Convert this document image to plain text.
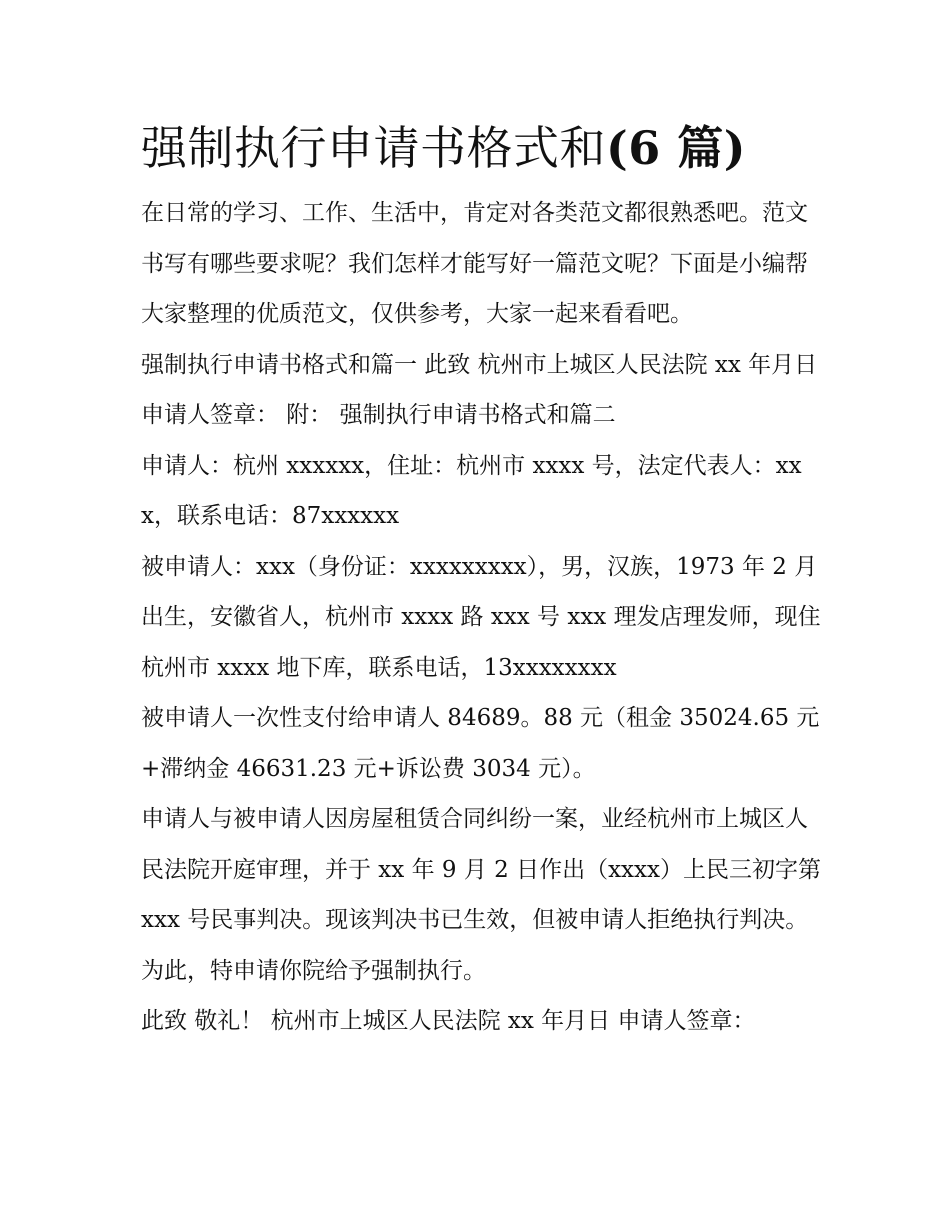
强制执行申请书格式和(6 篇)

在日常的学习、工作、生活中，肯定对各类范文都很熟悉吧。范文书写有哪些要求呢？我们怎样才能写好一篇范文呢？下面是小编帮大家整理的优质范文，仅供参考，大家一起来看看吧。

强制执行申请书格式和篇一 此致 杭州市上城区人民法院 xx 年月日 申请人签章： 附： 强制执行申请书格式和篇二

申请人：杭州 xxxxxx，住址：杭州市 xxxx 号，法定代表人：xxx，联系电话：87xxxxxx

被申请人：xxx（身份证：xxxxxxxxx），男，汉族，1973 年 2 月出生，安徽省人，杭州市 xxxx 路 xxx 号 xxx 理发店理发师，现住杭州市 xxxx 地下库，联系电话，13xxxxxxxx

被申请人一次性支付给申请人 84689。88 元（租金 35024.65 元+滞纳金 46631.23 元+诉讼费 3034 元）。

申请人与被申请人因房屋租赁合同纠纷一案，业经杭州市上城区人民法院开庭审理，并于 xx 年 9 月 2 日作出（xxxx）上民三初字第 xxx 号民事判决。现该判决书已生效，但被申请人拒绝执行判决。为此，特申请你院给予强制执行。

此致 敬礼！ 杭州市上城区人民法院 xx 年月日 申请人签章：
